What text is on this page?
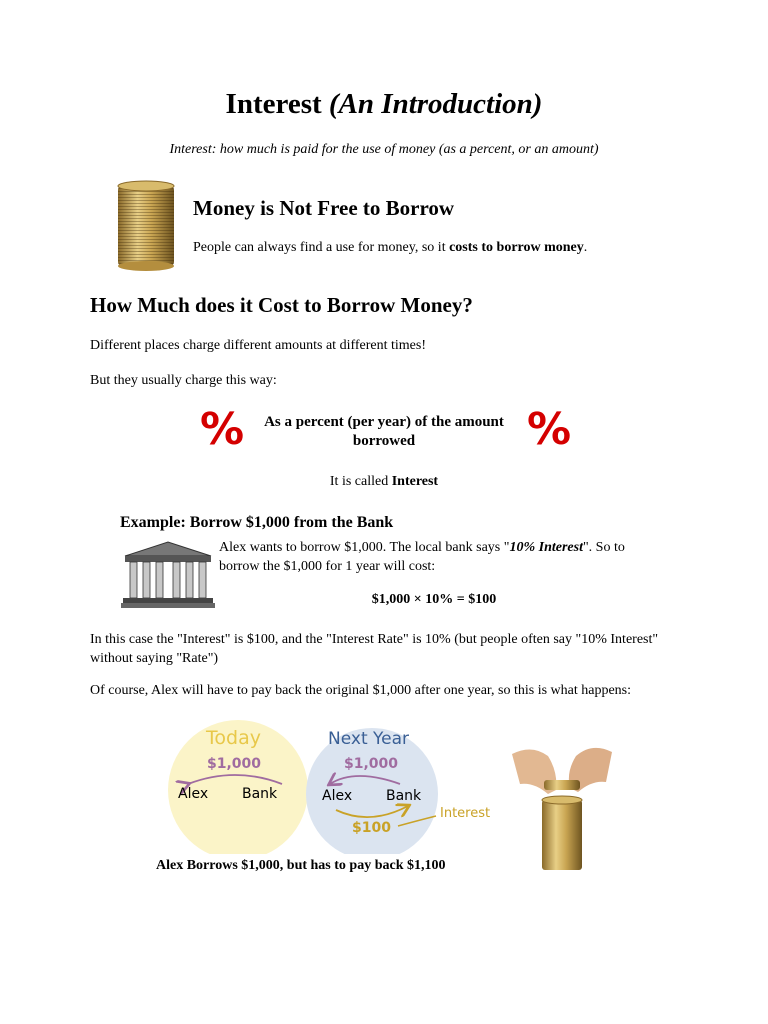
Interest (An Introduction)
Interest: how much is paid for the use of money (as a percent, or an amount)
Money is Not Free to Borrow
People can always find a use for money, so it costs to borrow money.
How Much does it Cost to Borrow Money?
Different places charge different amounts at different times!
But they usually charge this way:
%	As a percent (per year) of the amount borrowed	%
It is called Interest
Example: Borrow $1,000 from the Bank
Alex wants to borrow $1,000. The local bank says "10% Interest". So to borrow the $1,000 for 1 year will cost:
$1,000 × 10% = $100
In this case the "Interest" is $100, and the "Interest Rate" is 10% (but people often say "10% Interest" without saying "Rate")
Of course, Alex will have to pay back the original $1,000 after one year, so this is what happens:
Today	Next Year
$1,000
Alex Bank
$1,000
Alex Bank
$100
Interest
Alex Borrows $1,000, but has to pay back $1,100
